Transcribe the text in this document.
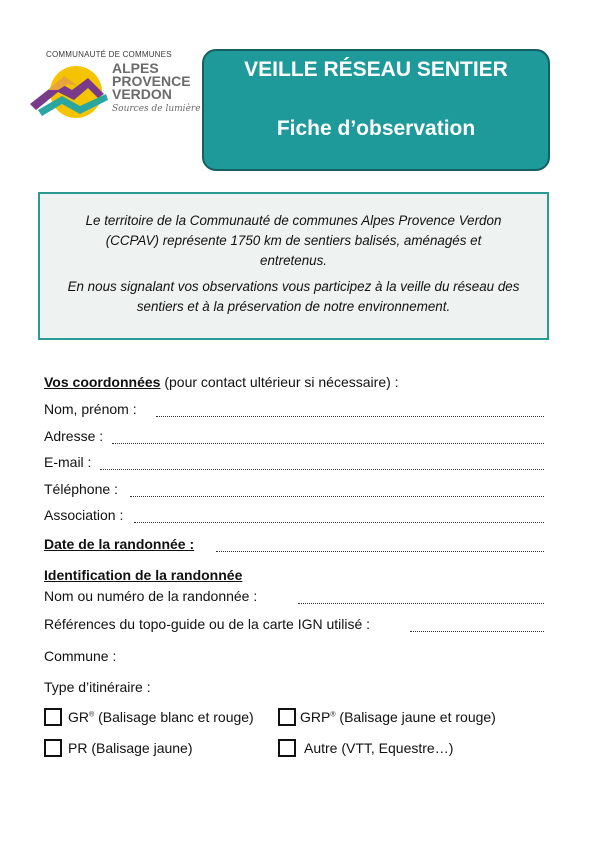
COMMUNAUTÉ DE COMMUNES
ALPES
PROVENCE
VERDON
Sources de lumière
VEILLE RÉSEAU SENTIER
Fiche d’observation

Le territoire de la Communauté de communes Alpes Provence Verdon (CCPAV) représente 1750 km de sentiers balisés, aménagés et entretenus.

En nous signalant vos observations vous participez à la veille du réseau des sentiers et à la préservation de notre environnement.

Vos coordonnées (pour contact ultérieur si nécessaire) :
Nom, prénom :
Adresse :
E-mail :
Téléphone :
Association :
Date de la randonnée :
Identification de la randonnée
Nom ou numéro de la randonnée :
Références du topo-guide ou de la carte IGN utilisé :
Commune :
Type d’itinéraire :
GR® (Balisage blanc et rouge)	GRP® (Balisage jaune et rouge)
PR (Balisage jaune)	Autre (VTT, Equestre…)
